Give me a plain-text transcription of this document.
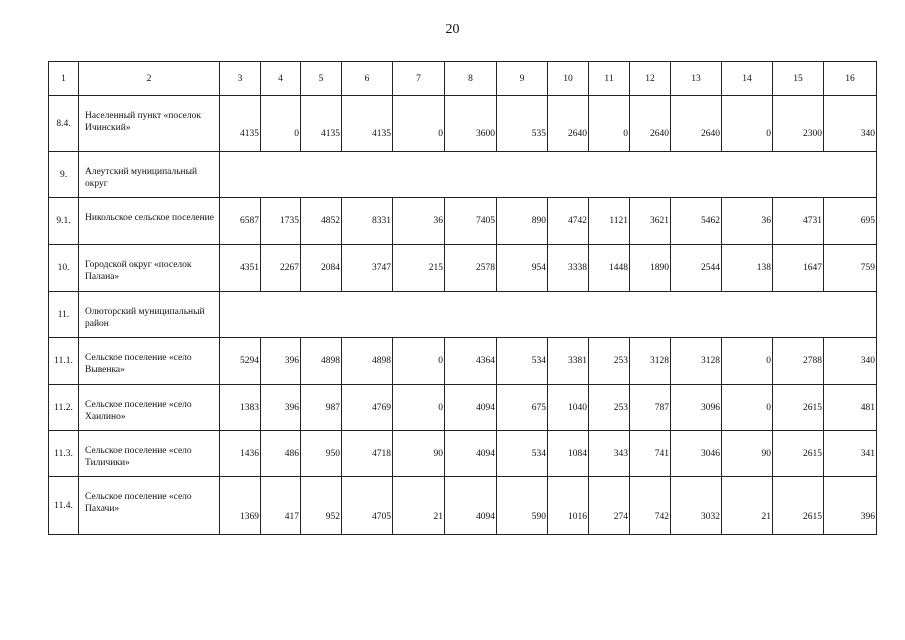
20
1	2	3	4	5	6	7	8	9	10	11	12	13	14	15	16
8.4.	Населенный пункт «поселок Ичинский»	4135	0	4135	4135	0	3600	535	2640	0	2640	2640	0	2300	340
9.	Алеутский муниципальный округ														
9.1.	Никольское сельское поселение	6587	1735	4852	8331	36	7405	890	4742	1121	3621	5462	36	4731	695
10.	Городской округ «поселок Палана»	4351	2267	2084	3747	215	2578	954	3338	1448	1890	2544	138	1647	759
11.	Олюторский муниципальный район														
11.1.	Сельское поселение «село Вывенка»	5294	396	4898	4898	0	4364	534	3381	253	3128	3128	0	2788	340
11.2.	Сельское поселение «село Хаилино»	1383	396	987	4769	0	4094	675	1040	253	787	3096	0	2615	481
11.3.	Сельское поселение «село Тиличики»	1436	486	950	4718	90	4094	534	1084	343	741	3046	90	2615	341
11.4.	Сельское поселение «село Пахачи»	1369	417	952	4705	21	4094	590	1016	274	742	3032	21	2615	396
